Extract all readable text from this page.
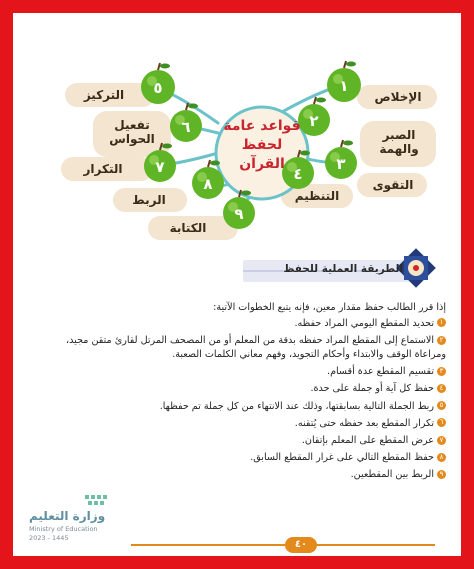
١
٢
٣
٤
٥
٦
٧
٨
٩
قواعد عامة لحفظ القرآن
الإخلاص
الصبر والهمة
التقوى
التنظيم
التركيز
تفعيل الحواس
التكرار
الربط
الكتابة
الطريقة العملية للحفظ
إذا قرر الطالب حفظ مقدار معين، فإنه يتبع الخطوات الآتية:
١تحديد المقطع اليومي المراد حفظه.
٢الاستماع إلى المقطع المراد حفظه بدقة من المعلم أو من المصحف المرتل لقارئ متقن مجيد، ومراعاة الوقف والابتداء وأحكام التجويد، وفهم معاني الكلمات الصعبة.
٣تقسيم المقطع عدة أقسام.
٤حفظ كل آية أو جملة على حدة.
٥ربط الجملة التالية بسابقتها، وذلك عند الانتهاء من كل جملة تم حفظها.
٦تكرار المقطع بعد حفظه حتى يُتقنه.
٧عرض المقطع على المعلم بإتقان.
٨حفظ المقطع التالي على غرار المقطع السابق.
٩الربط بين المقطعين.
وزارة التعليم
Ministry of Education
2023 - 1445
٤٠
